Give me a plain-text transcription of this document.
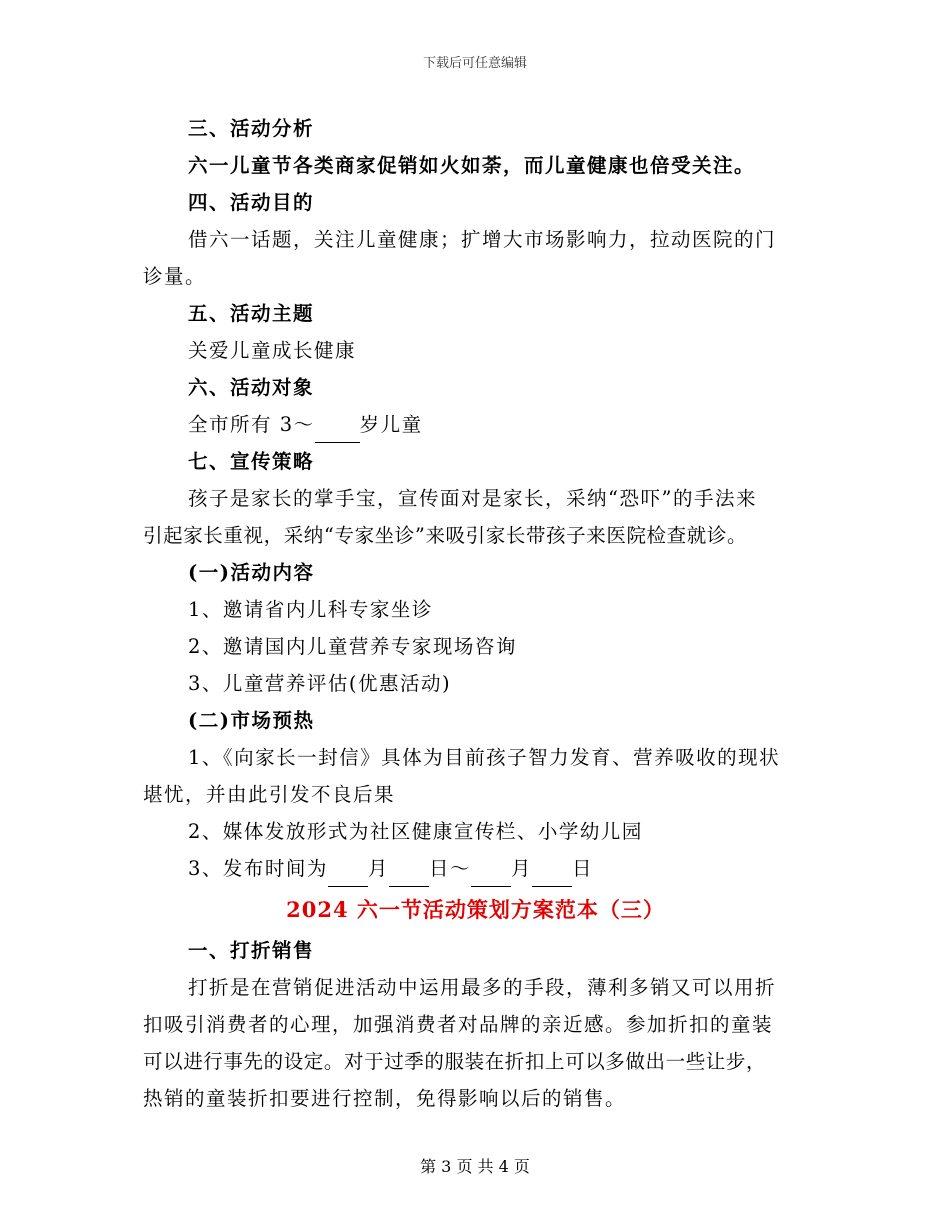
下载后可任意编辑
三、活动分析
六一儿童节各类商家促销如火如荼，而儿童健康也倍受关注。
四、活动目的
借六一话题，关注儿童健康；扩增大市场影响力，拉动医院的门
诊量。
五、活动主题
关爱儿童成长健康
六、活动对象
全市所有 3～ 岁儿童
七、宣传策略
孩子是家长的掌手宝，宣传面对是家长，采纳“恐吓”的手法来
引起家长重视，采纳“专家坐诊”来吸引家长带孩子来医院检查就诊。
(一)活动内容
1、邀请省内儿科专家坐诊
2、邀请国内儿童营养专家现场咨询
3、儿童营养评估(优惠活动)
(二)市场预热
1、《向家长一封信》具体为目前孩子智力发育、营养吸收的现状
堪忧，并由此引发不良后果
2、媒体发放形式为社区健康宣传栏、小学幼儿园
3、发布时间为 月 日～ 月 日
2024 六一节活动策划方案范本（三）
一、打折销售
打折是在营销促进活动中运用最多的手段，薄利多销又可以用折
扣吸引消费者的心理，加强消费者对品牌的亲近感。参加折扣的童装
可以进行事先的设定。对于过季的服装在折扣上可以多做出一些让步，
热销的童装折扣要进行控制，免得影响以后的销售。
第 3 页 共 4 页
